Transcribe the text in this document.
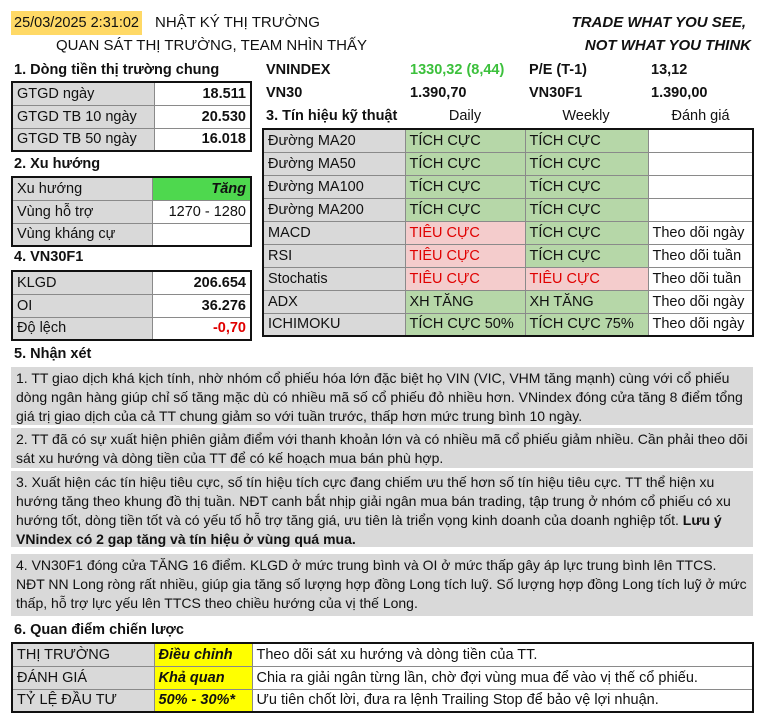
25/03/2025 2:31:02 NHẬT KÝ THỊ TRƯỜNG
QUAN SÁT THỊ TRƯỜNG, TEAM NHÌN THẤY
TRADE WHAT YOU SEE,
NOT WHAT YOU THINK
1. Dòng tiền thị trường chung
GTGD ngày	18.511
GTGD TB 10 ngày	20.530
GTGD TB 50 ngày	16.018
VNINDEX	1330,32 (8,44) P/E (T-1)	13,12
VN30	1.390,70	VN30F1	1.390,00
2. Xu hướng
Xu hướng	Tăng
Vùng hỗ trợ	1270 - 1280
Vùng kháng cự	
4. VN30F1
KLGD	206.654
OI	36.276
Độ lệch	-0,70
3. Tín hiệu kỹ thuật	Daily	Weekly	Đánh giá
Đường MA20	TÍCH CỰC	TÍCH CỰC	
Đường MA50	TÍCH CỰC	TÍCH CỰC	
Đường MA100	TÍCH CỰC	TÍCH CỰC	
Đường MA200	TÍCH CỰC	TÍCH CỰC	
MACD	TIÊU CỰC	TÍCH CỰC	Theo dõi ngày
RSI	TIÊU CỰC	TÍCH CỰC	Theo dõi tuần
Stochatis	TIÊU CỰC	TIÊU CỰC	Theo dõi tuần
ADX	XH TĂNG	XH TĂNG	Theo dõi ngày
ICHIMOKU	TÍCH CỰC 50%	TÍCH CỰC 75%	Theo dõi ngày
5. Nhận xét
1. TT giao dịch khá kịch tính, nhờ nhóm cổ phiếu hóa lớn đặc biệt họ VIN (VIC, VHM tăng mạnh) cùng với cổ phiếu dòng ngân hàng giúp chỉ số tăng mặc dù có nhiều mã số cổ phiếu đỏ nhiều hơn. VNindex đóng cửa tăng 8 điểm tổng giá trị giao dịch của cả TT chung giảm so với tuần trước, thấp hơn mức trung bình 10 ngày.
2. TT đã có sự xuất hiện phiên giảm điểm với thanh khoản lớn và có nhiều mã cổ phiếu giảm nhiều. Cần phải theo dõi sát xu hướng và dòng tiền của TT để có kế hoạch mua bán phù hợp.
3. Xuất hiện các tín hiệu tiêu cực, số tín hiệu tích cực đang chiếm ưu thế hơn số tín hiệu tiêu cực. TT thể hiện xu hướng tăng theo khung đồ thị tuần. NĐT canh bắt nhịp giải ngân mua bán trading, tập trung ở nhóm cổ phiếu có xu hướng tốt, dòng tiền tốt và có yếu tố hỗ trợ tăng giá, ưu tiên là triển vọng kinh doanh của doanh nghiệp tốt. Lưu ý VNindex có 2 gap tăng và tín hiệu ở vùng quá mua.
4. VN30F1 đóng cửa TĂNG 16 điểm. KLGD ở mức trung bình và OI ở mức thấp gây áp lực trung bình lên TTCS. NĐT NN Long ròng rất nhiều, giúp gia tăng số lượng hợp đồng Long tích luỹ. Số lượng hợp đồng Long tích luỹ ở mức thấp, hỗ trợ lực yếu lên TTCS theo chiều hướng của vị thế Long.
6. Quan điểm chiến lược
THỊ TRƯỜNG	Điều chỉnh	Theo dõi sát xu hướng và dòng tiền của TT.
ĐÁNH GIÁ	Khả quan	Chia ra giải ngân từng lần, chờ đợi vùng mua để vào vị thế cổ phiếu.
TỶ LỆ ĐẦU TƯ	50% - 30%*	Ưu tiên chốt lời, đưa ra lệnh Trailing Stop để bảo vệ lợi nhuận.
